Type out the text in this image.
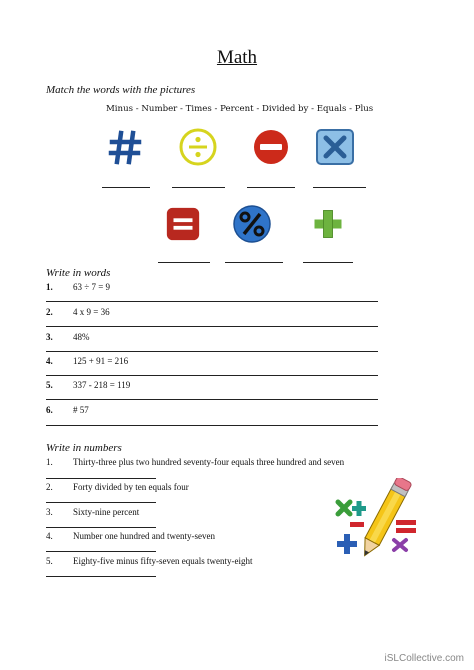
Math
Match the words with the pictures
Minus - Number - Times - Percent - Divided by - Equals - Plus
Write in words
1. 63 ÷ 7 = 9
2. 4 x 9 = 36
3. 48%
4. 125 + 91 = 216
5. 337 - 218 = 119
6. # 57
Write in numbers
1. Thirty-three plus two hundred seventy-four equals three hundred and seven
2. Forty divided by ten equals four
3. Sixty-nine percent
4. Number one hundred and twenty-seven
5. Eighty-five minus fifty-seven equals twenty-eight
iSLCollective.com
